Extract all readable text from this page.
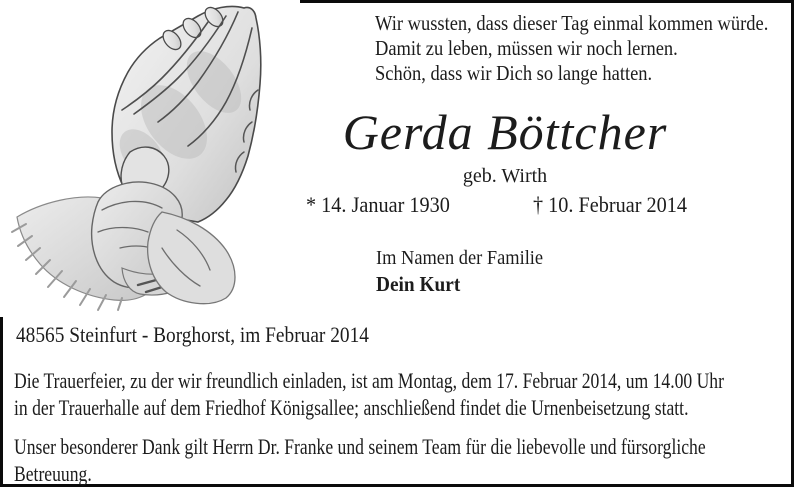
Wir wussten, dass dieser Tag einmal kommen würde.
Damit zu leben, müssen wir noch lernen.
Schön, dass wir Dich so lange hatten.
Gerda Böttcher
geb. Wirth
* 14. Januar 1930	† 10. Februar 2014
Im Namen der Familie
Dein Kurt
48565 Steinfurt - Borghorst, im Februar 2014
Die Trauerfeier, zu der wir freundlich einladen, ist am Montag, dem 17. Februar 2014, um 14.00 Uhr
in der Trauerhalle auf dem Friedhof Königsallee; anschließend findet die Urnenbeisetzung statt.
Unser besonderer Dank gilt Herrn Dr. Franke und seinem Team für die liebevolle und fürsorgliche
Betreuung.
